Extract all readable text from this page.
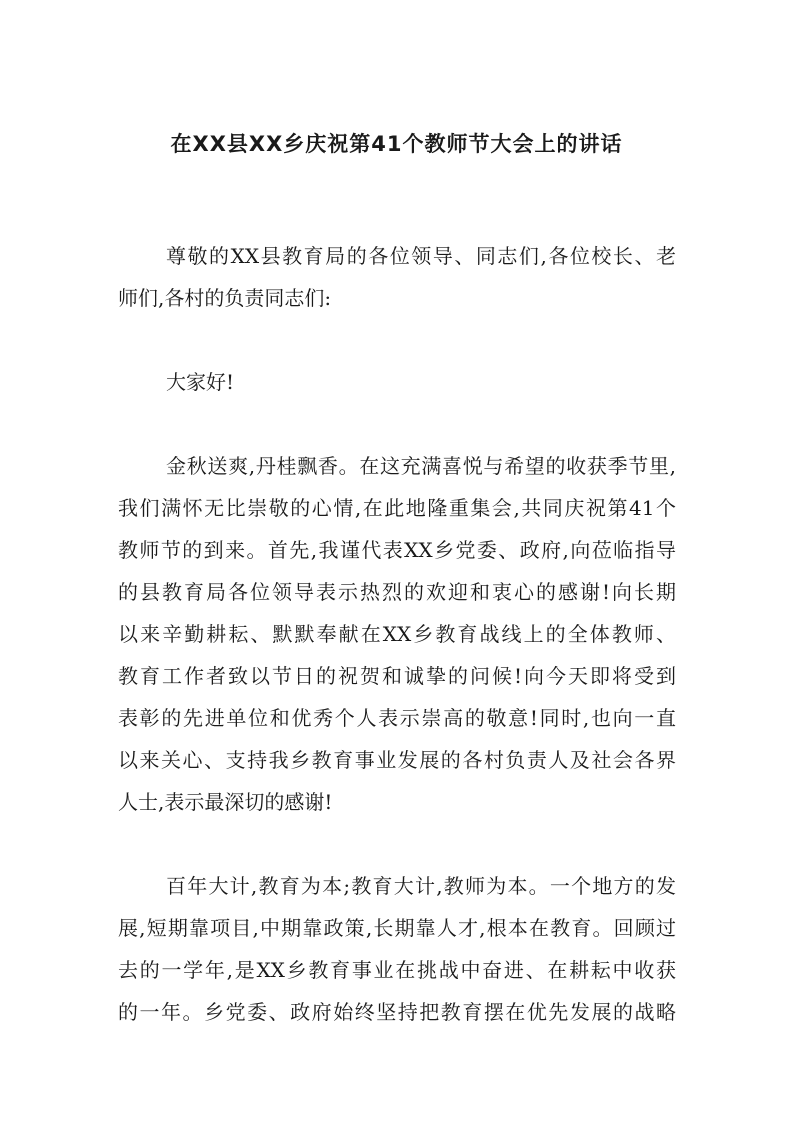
在XX县XX乡庆祝第41个教师节大会上的讲话

尊敬的XX县教育局的各位领导、同志们,各位校长、老
师们,各村的负责同志们:

大家好!

金秋送爽,丹桂飘香。在这充满喜悦与希望的收获季节里,
我们满怀无比崇敬的心情,在此地隆重集会,共同庆祝第41个
教师节的到来。首先,我谨代表XX乡党委、政府,向莅临指导
的县教育局各位领导表示热烈的欢迎和衷心的感谢!向长期
以来辛勤耕耘、默默奉献在XX乡教育战线上的全体教师、
教育工作者致以节日的祝贺和诚挚的问候!向今天即将受到
表彰的先进单位和优秀个人表示崇高的敬意!同时,也向一直
以来关心、支持我乡教育事业发展的各村负责人及社会各界
人士,表示最深切的感谢!

百年大计,教育为本;教育大计,教师为本。一个地方的发
展,短期靠项目,中期靠政策,长期靠人才,根本在教育。回顾过
去的一学年,是XX乡教育事业在挑战中奋进、在耕耘中收获
的一年。乡党委、政府始终坚持把教育摆在优先发展的战略
